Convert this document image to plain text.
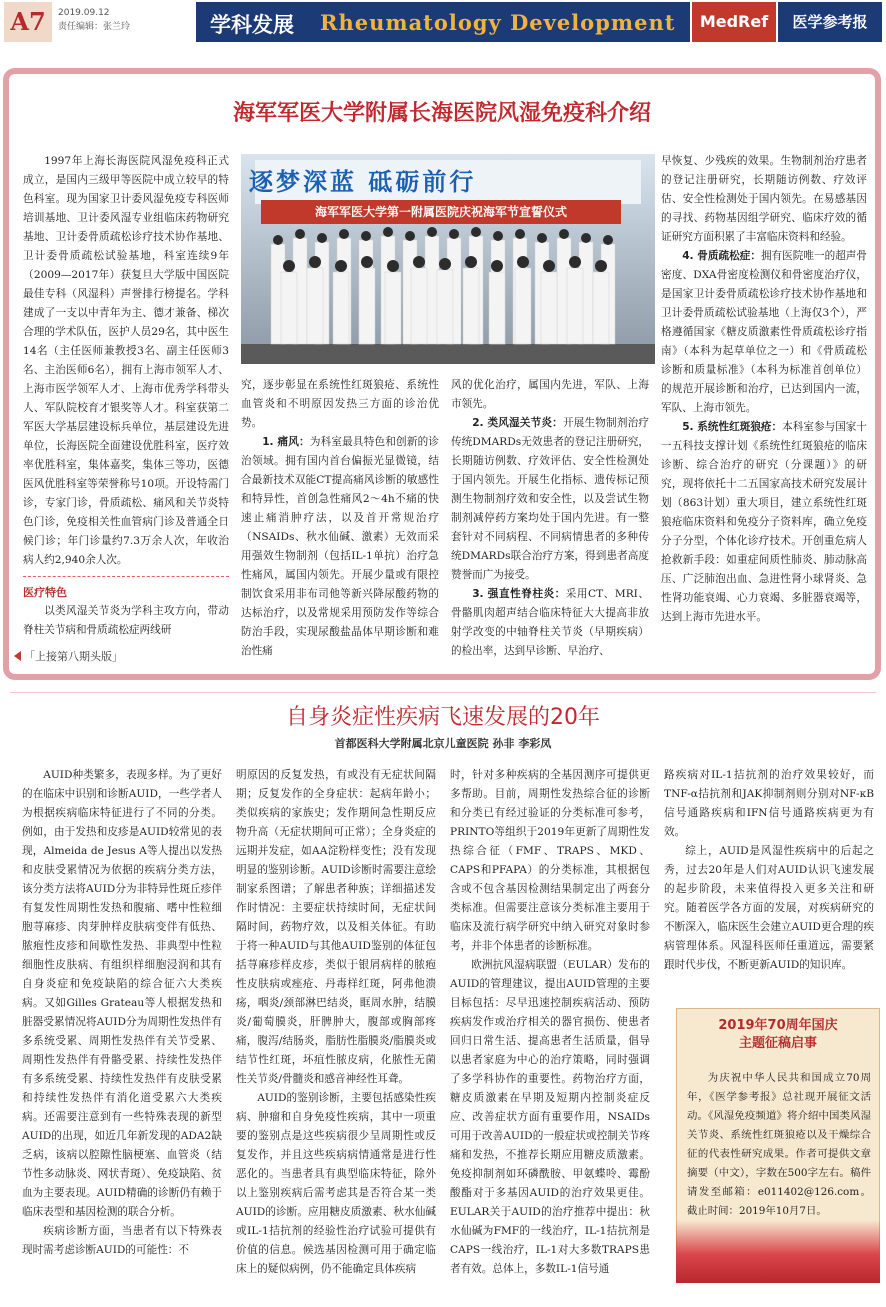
A7	2019.09.12
责任编辑：张兰玲	学科发展 Rheumatology Development	MedRef	医学参考报
海军军医大学附属长海医院风湿免疫科介绍

1997年上海长海医院风湿免疫科正式成立，是国内三级甲等医院中成立较早的特色科室。现为国家卫计委风湿免疫专科医师培训基地、卫计委风湿专业组临床药物研究基地、卫计委骨质疏松诊疗技术协作基地、卫计委骨质疏松试验基地，科室连续9年（2009—2017年）获复旦大学版中国医院最佳专科（风湿科）声誉排行榜提名。学科建成了一支以中青年为主、德才兼备、梯次合理的学术队伍，医护人员29名，其中医生14名（主任医师兼教授3名、副主任医师3名、主治医师6名），拥有上海市领军人才、上海市医学领军人才、上海市优秀学科带头人、军队院校育才银奖等人才。科室获第二军医大学基层建设标兵单位，基层建设先进单位，长海医院全面建设优胜科室，医疗效率优胜科室，集体嘉奖，集体三等功，医德医风优胜科室等荣誉称号10项。开设特需门诊，专家门诊，骨质疏松、痛风和关节炎特色门诊，免疫相关性血管病门诊及普通全日候门诊；年门诊量约7.3万余人次，年收治病人约2,940余人次。

医疗特色

以类风湿关节炎为学科主攻方向，带动脊柱关节病和骨质疏松症两线研

逐梦深蓝 砥砺前行
海军军医大学第一附属医院庆祝海军节宣誓仪式

究，逐步彰显在系统性红斑狼疮、系统性血管炎和不明原因发热三方面的诊治优势。

1. 痛风：为科室最具特色和创新的诊治领域。拥有国内首台偏振光显微镜，结合最新技术双能CT提高痛风诊断的敏感性和特异性，首创急性痛风2～4h不痛的快速止痛消肿疗法，以及首开常规治疗（NSAIDs、秋水仙碱、激素）无效而采用强效生物制剂（包括IL-1单抗）治疗急性痛风，属国内领先。开展少量或有限控制饮食采用非布司他等新兴降尿酸药物的达标治疗，以及常规采用预防发作等综合防治手段，实现尿酸盐晶体早期诊断和难治性痛

风的优化治疗，属国内先进，军队、上海市领先。

2. 类风湿关节炎：开展生物制剂治疗传统DMARDs无效患者的登记注册研究，长期随访例数、疗效评估、安全性检测处于国内领先。开展生化指标、遗传标记预测生物制剂疗效和安全性，以及尝试生物制剂减停药方案均处于国内先进。有一整套针对不同病程、不同病情患者的多种传统DMARDs联合治疗方案，得到患者高度赞誉而广为接受。

3. 强直性脊柱炎：采用CT、MRI、骨骼肌肉超声结合临床特征大大提高非放射学改变的中轴脊柱关节炎（早期疾病）的检出率，达到早诊断、早治疗、

早恢复、少残疾的效果。生物制剂治疗患者的登记注册研究，长期随访例数、疗效评估、安全性检测处于国内领先。在易感基因的寻找、药物基因组学研究、临床疗效的循证研究方面积累了丰富临床资料和经验。

4. 骨质疏松症：拥有医院唯一的超声骨密度、DXA骨密度检测仪和骨密度治疗仪，是国家卫计委骨质疏松诊疗技术协作基地和卫计委骨质疏松试验基地（上海仅3个），严格遵循国家《糖皮质激素性骨质疏松诊疗指南》（本科为起草单位之一）和《骨质疏松诊断和质量标准》（本科为标准首创单位）的规范开展诊断和治疗，已达到国内一流，军队、上海市领先。

5. 系统性红斑狼疮：本科室参与国家十一五科技支撑计划《系统性红斑狼疮的临床诊断、综合治疗的研究（分课题）》的研究，现将依托十二五国家高技术研究发展计划（863计划）重大项目，建立系统性红斑狼疮临床资料和免疫分子资料库，确立免疫分子分型，个体化诊疗技术。开创重危病人抢救新手段：如重症间质性肺炎、肺动脉高压、广泛肺泡出血、急进性肾小球肾炎、急性肾功能衰竭、心力衰竭、多脏器衰竭等，达到上海市先进水平。

「上接第八期头版」
自身炎症性疾病飞速发展的20年
首都医科大学附属北京儿童医院 孙非 李彩凤

AUID种类繁多，表现多样。为了更好的在临床中识别和诊断AUID，一些学者人为根据疾病临床特征进行了不同的分类。例如，由于发热和皮疹是AUID较常见的表现，Almeida de Jesus A等人提出以发热和皮肤受累情况为依据的疾病分类方法，该分类方法将AUID分为非特异性斑丘疹伴有复发性周期性发热和腹痛、嗜中性粒细胞荨麻疹、肉芽肿样皮肤病变伴有低热、脓疱性皮疹和间歇性发热、非典型中性粒细胞性皮肤病、有组织样细胞浸润和其有自身炎症和免疫缺陷的综合征六大类疾病。又如Gilles Grateau等人根据发热和脏器受累情况将AUID分为周期性发热伴有多系统受累、周期性发热伴有关节受累、周期性发热伴有骨骼受累、持续性发热伴有多系统受累、持续性发热伴有皮肤受累和持续性发热伴有消化道受累六大类疾病。还需要注意到有一些特殊表现的新型AUID的出现，如近几年新发现的ADA2缺乏病，该病以腔隙性脑梗塞、血管炎（结节性多动脉炎、网状青斑）、免疫缺陷、贫血为主要表现。AUID精确的诊断仍有赖于临床表型和基因检测的联合分析。

疾病诊断方面，当患者有以下特殊表现时需考虑诊断AUID的可能性：不

明原因的反复发热，有或没有无症状间隔期；反复发作的全身症状：起病年龄小；类似疾病的家族史；发作期间急性期反应物升高（无症状期间可正常）；全身炎症的远期并发症，如AA淀粉样变性；没有发现明显的鉴别诊断。AUID诊断时需要注意绘制家系图谱；了解患者种族；详细描述发作时情况：主要症状持续时间，无症状间隔时间，药物疗效，以及相关体征。有助于将一种AUID与其他AUID鉴别的体征包括荨麻疹样皮疹，类似于银屑病样的脓疱性皮肤病或痤疮、丹毒样红斑，阿弗他溃疡，咽炎/颈部淋巴结炎，眶周水肿，结膜炎/葡萄膜炎，肝脾肿大，腹部或胸部疼痛，腹泻/结肠炎，脂肪性脂膜炎/脂膜炎或结节性红斑，坏疽性脓皮病，化脓性无菌性关节炎/骨髓炎和感音神经性耳聋。

AUID的鉴别诊断，主要包括感染性疾病、肿瘤和自身免疫性疾病，其中一项重要的鉴别点是这些疾病很少呈周期性或反复发作，并且这些疾病病情通常是进行性恶化的。当患者具有典型临床特征，除外以上鉴别疾病后需考虑其是否符合某一类AUID的诊断。应用糖皮质激素、秋水仙碱或IL-1拮抗剂的经验性治疗试验可提供有价值的信息。候选基因检测可用于确定临床上的疑似病例，仍不能确定具体疾病

时，针对多种疾病的全基因测序可提供更多帮助。目前，周期性发热综合征的诊断和分类已有经过验证的分类标准可参考，PRINTO等组织于2019年更新了周期性发热综合征（FMF、TRAPS、MKD、CAPS和PFAPA）的分类标准，其根据包含或不包含基因检测结果制定出了两套分类标准。但需要注意该分类标准主要用于临床及流行病学研究中纳入研究对象时参考，并非个体患者的诊断标准。

欧洲抗风湿病联盟（EULAR）发布的AUID的管理建议，提出AUID管理的主要目标包括：尽早迅速控制疾病活动、预防疾病发作或治疗相关的器官损伤、使患者回归日常生活、提高患者生活质量，倡导以患者家庭为中心的治疗策略，同时强调了多学科协作的重要性。药物治疗方面，糖皮质激素在早期及短期内控制炎症反应、改善症状方面有重要作用，NSAIDs可用于改善AUID的一般症状或控制关节疼痛和发热，不推荐长期应用糖皮质激素。免疫抑制剂如环磷酰胺、甲氨蝶呤、霉酚酸酯对于多基因AUID的治疗效果更佳。EULAR关于AUID的治疗推荐中提出：秋水仙碱为FMF的一线治疗，IL-1拮抗剂是CAPS一线治疗，IL-1对大多数TRAPS患者有效。总体上，多数IL-1信号通

路疾病对IL-1拮抗剂的治疗效果较好，而TNF-α拮抗剂和JAK抑制剂则分别对NF-κB信号通路疾病和IFN信号通路疾病更为有效。

综上，AUID是风湿性疾病中的后起之秀，过去20年是人们对AUID认识飞速发展的起步阶段，未来值得投入更多关注和研究。随着医学各方面的发展，对疾病研究的不断深入，临床医生会建立AUID更合理的疾病管理体系。风湿科医师任重道远，需要紧跟时代步伐，不断更新AUID的知识库。

2019年70周年国庆
主题征稿启事
为庆祝中华人民共和国成立70周年，《医学参考报》总社现开展征文活动。《风湿免疫频道》将介绍中国类风湿关节炎、系统性红斑狼疮以及干燥综合征的代表性研究成果。作者可提供文章摘要（中文），字数在500字左右。稿件请发至邮箱：e011402@126.com。截止时间：2019年10月7日。
